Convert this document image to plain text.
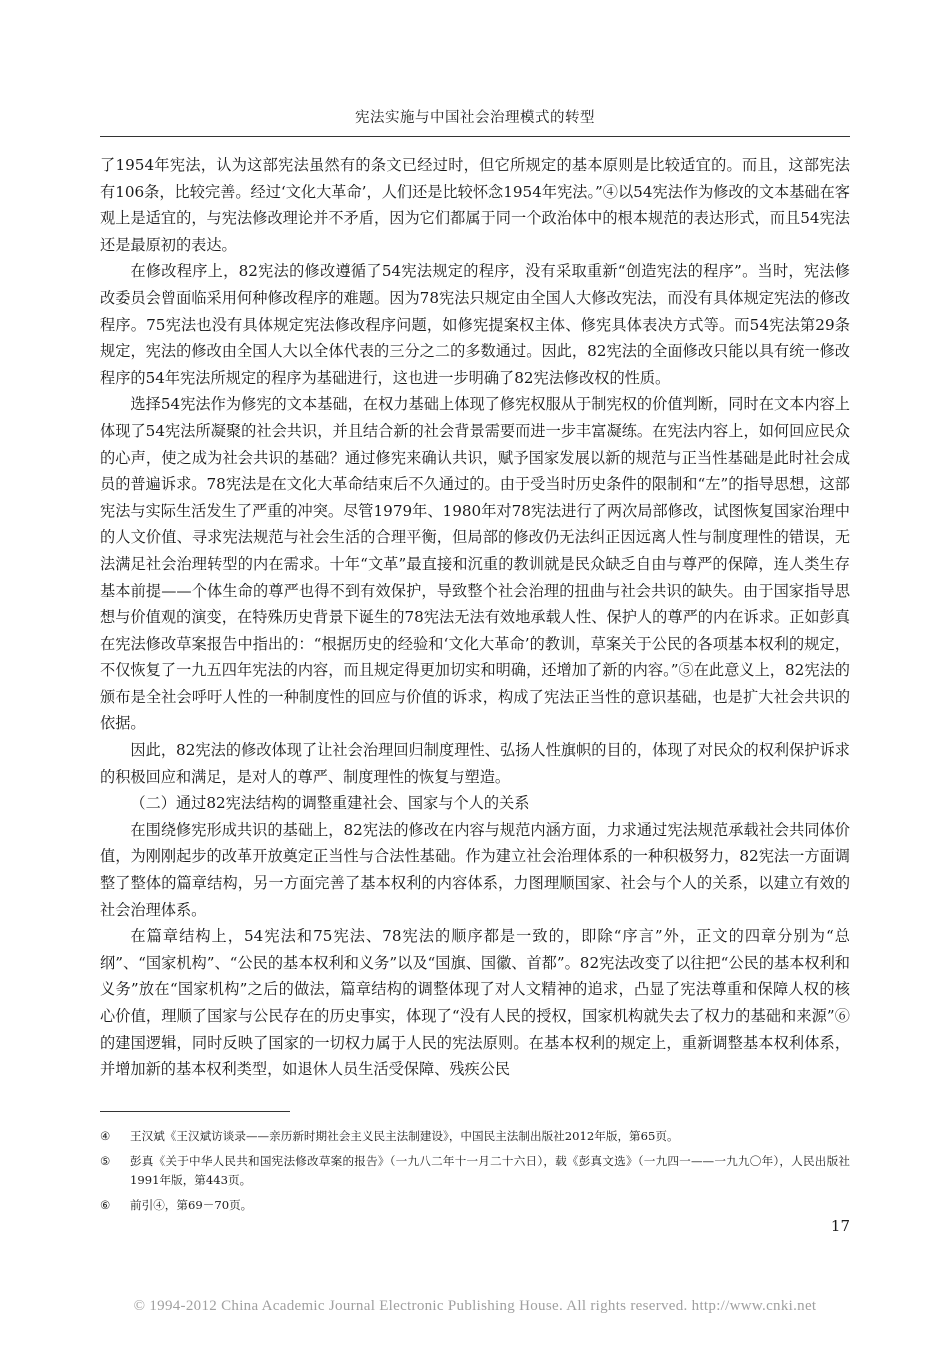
宪法实施与中国社会治理模式的转型

了1954年宪法，认为这部宪法虽然有的条文已经过时，但它所规定的基本原则是比较适宜的。而且，这部宪法有106条，比较完善。经过‘文化大革命’，人们还是比较怀念1954年宪法。”④以54宪法作为修改的文本基础在客观上是适宜的，与宪法修改理论并不矛盾，因为它们都属于同一个政治体中的根本规范的表达形式，而且54宪法还是最原初的表达。

在修改程序上，82宪法的修改遵循了54宪法规定的程序，没有采取重新“创造宪法的程序”。当时，宪法修改委员会曾面临采用何种修改程序的难题。因为78宪法只规定由全国人大修改宪法，而没有具体规定宪法的修改程序。75宪法也没有具体规定宪法修改程序问题，如修宪提案权主体、修宪具体表决方式等。而54宪法第29条规定，宪法的修改由全国人大以全体代表的三分之二的多数通过。因此，82宪法的全面修改只能以具有统一修改程序的54年宪法所规定的程序为基础进行，这也进一步明确了82宪法修改权的性质。

选择54宪法作为修宪的文本基础，在权力基础上体现了修宪权服从于制宪权的价值判断，同时在文本内容上体现了54宪法所凝聚的社会共识，并且结合新的社会背景需要而进一步丰富凝练。在宪法内容上，如何回应民众的心声，使之成为社会共识的基础？通过修宪来确认共识，赋予国家发展以新的规范与正当性基础是此时社会成员的普遍诉求。78宪法是在文化大革命结束后不久通过的。由于受当时历史条件的限制和“左”的指导思想，这部宪法与实际生活发生了严重的冲突。尽管1979年、1980年对78宪法进行了两次局部修改，试图恢复国家治理中的人文价值、寻求宪法规范与社会生活的合理平衡，但局部的修改仍无法纠正因远离人性与制度理性的错误，无法满足社会治理转型的内在需求。十年“文革”最直接和沉重的教训就是民众缺乏自由与尊严的保障，连人类生存基本前提——个体生命的尊严也得不到有效保护，导致整个社会治理的扭曲与社会共识的缺失。由于国家指导思想与价值观的演变，在特殊历史背景下诞生的78宪法无法有效地承载人性、保护人的尊严的内在诉求。正如彭真在宪法修改草案报告中指出的：“根据历史的经验和‘文化大革命’的教训，草案关于公民的各项基本权利的规定，不仅恢复了一九五四年宪法的内容，而且规定得更加切实和明确，还增加了新的内容。”⑤在此意义上，82宪法的颁布是全社会呼吁人性的一种制度性的回应与价值的诉求，构成了宪法正当性的意识基础，也是扩大社会共识的依据。

因此，82宪法的修改体现了让社会治理回归制度理性、弘扬人性旗帜的目的，体现了对民众的权利保护诉求的积极回应和满足，是对人的尊严、制度理性的恢复与塑造。

（二）通过82宪法结构的调整重建社会、国家与个人的关系

在围绕修宪形成共识的基础上，82宪法的修改在内容与规范内涵方面，力求通过宪法规范承载社会共同体价值，为刚刚起步的改革开放奠定正当性与合法性基础。作为建立社会治理体系的一种积极努力，82宪法一方面调整了整体的篇章结构，另一方面完善了基本权利的内容体系，力图理顺国家、社会与个人的关系，以建立有效的社会治理体系。

在篇章结构上，54宪法和75宪法、78宪法的顺序都是一致的，即除“序言”外，正文的四章分别为“总纲”、“国家机构”、“公民的基本权利和义务”以及“国旗、国徽、首都”。82宪法改变了以往把“公民的基本权利和义务”放在“国家机构”之后的做法，篇章结构的调整体现了对人文精神的追求，凸显了宪法尊重和保障人权的核心价值，理顺了国家与公民存在的历史事实，体现了“没有人民的授权，国家机构就失去了权力的基础和来源”⑥的建国逻辑，同时反映了国家的一切权力属于人民的宪法原则。在基本权利的规定上，重新调整基本权利体系，并增加新的基本权利类型，如退休人员生活受保障、残疾公民

④	王汉斌《王汉斌访谈录——亲历新时期社会主义民主法制建设》，中国民主法制出版社2012年版，第65页。
⑤	彭真《关于中华人民共和国宪法修改草案的报告》（一九八二年十一月二十六日），载《彭真文选》（一九四一——一九九〇年），人民出版社1991年版，第443页。
⑥	前引④，第69－70页。
17
© 1994-2012 China Academic Journal Electronic Publishing House. All rights reserved. http://www.cnki.net
